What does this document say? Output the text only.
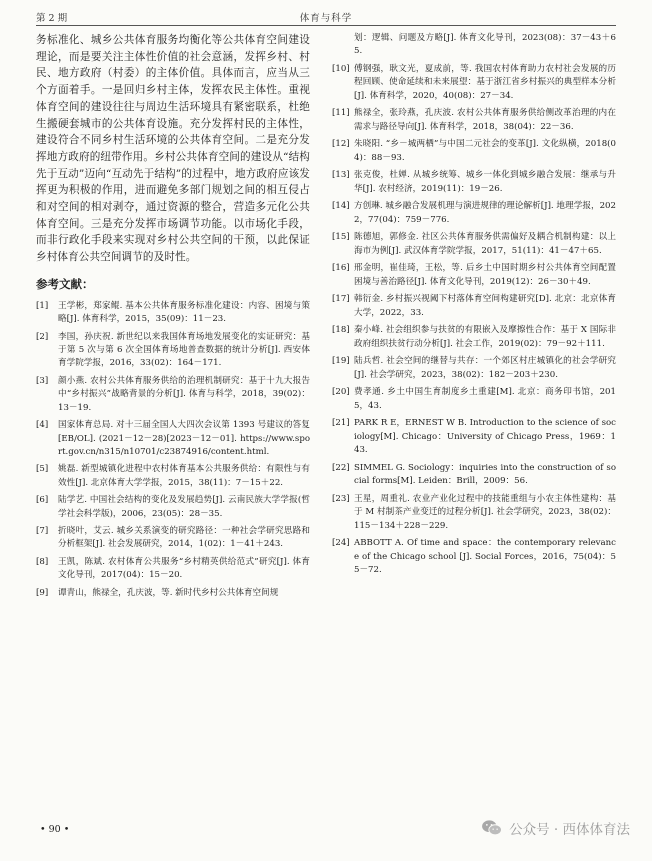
第 2 期	体育与科学

务标准化、城乡公共体育服务均衡化等公共体育空间建设理论，而是要关注主体性价值的社会意涵，发挥乡村、村民、地方政府（村委）的主体价值。具体而言，应当从三个方面着手。一是回归乡村主体，发挥农民主体性。重视体育空间的建设往往与周边生活环境具有紧密联系，杜绝生搬硬套城市的公共体育设施。充分发挥村民的主体性，建设符合不同乡村生活环境的公共体育空间。二是充分发挥地方政府的纽带作用。乡村公共体育空间的建设从“结构先于互动”迈向“互动先于结构”的过程中，地方政府应该发挥更为积极的作用，进而避免多部门规划之间的相互侵占和对空间的相对剥夺，通过资源的整合，营造多元化公共体育空间。三是充分发挥市场调节功能。以市场化手段，而非行政化手段来实现对乡村公共空间的干预，以此保证乡村体育公共空间调节的及时性。

参考文献：
[1] 王学彬，郑家鲲. 基本公共体育服务标准化建设：内容、困境与策略[J]. 体育科学，2015，35(09)：11－23.
[2] 李国，孙庆祝. 新世纪以来我国体育场地发展变化的实证研究：基于第 5 次与第 6 次全国体育场地普查数据的统计分析[J]. 西安体育学院学报，2016，33(02)：164－171.
[3] 颜小燕. 农村公共体育服务供给的治理机制研究：基于十九大报告中“乡村振兴”战略背景的分析[J]. 体育与科学，2018，39(02)：13－19.
[4] 国家体育总局. 对十三届全国人大四次会议第 1393 号建议的答复[EB/OL]. (2021－12－28)[2023－12－01]. https://www.sport.gov.cn/n315/n10701/c23874916/content.html.
[5] 姚磊. 新型城镇化进程中农村体育基本公共服务供给：有限性与有效性[J]. 北京体育大学学报，2015，38(11)：7－15＋22.
[6] 陆学艺. 中国社会结构的变化及发展趋势[J]. 云南民族大学学报(哲学社会科学版)，2006，23(05)：28－35.
[7] 折晓叶，艾云. 城乡关系演变的研究路径：一种社会学研究思路和分析框架[J]. 社会发展研究，2014，1(02)：1－41＋243.
[8] 王凯，陈斌. 农村体育公共服务“乡村精英供给范式”研究[J]. 体育文化导刊，2017(04)：15－20.
[9] 谭青山，熊禄全，孔庆波，等. 新时代乡村公共体育空间规
划：逻辑、问题及方略[J]. 体育文化导刊，2023(08)：37－43＋65.
[10] 傅钢强，耿文光，夏成前，等. 我国农村体育助力农村社会发展的历程回顾、使命延续和未来展望：基于浙江省乡村振兴的典型样本分析[J]. 体育科学，2020，40(08)：27－34.
[11] 熊禄全，张玲燕，孔庆波. 农村公共体育服务供给侧改革治理的内在需求与路径导向[J]. 体育科学，2018，38(04)：22－36.
[12] 朱晓阳. “乡－城两栖”与中国二元社会的变革[J]. 文化纵横，2018(04)：88－93.
[13] 张克俊，杜婵. 从城乡统筹、城乡一体化到城乡融合发展：继承与升华[J]. 农村经济，2019(11)：19－26.
[14] 方创琳. 城乡融合发展机理与演进规律的理论解析[J]. 地理学报，2022，77(04)：759－776.
[15] 陈德旭，郭修金. 社区公共体育服务供需偏好及耦合机制构建：以上海市为例[J]. 武汉体育学院学报，2017，51(11)：41－47＋65.
[16] 邢金明，崔佳琦，王松，等. 后乡土中国时期乡村公共体育空间配置困境与善治路径[J]. 体育文化导刊，2019(12)：26－30＋49.
[17] 韩衍金. 乡村振兴视阈下村落体育空间构建研究[D]. 北京：北京体育大学，2022，33.
[18] 秦小峰. 社会组织参与扶贫的有限嵌入及摩擦性合作：基于 X 国际非政府组织扶贫行动分析[J]. 社会工作，2019(02)：79－92＋111.
[19] 陆兵哲. 社会空间的继替与共存：一个郊区村庄城镇化的社会学研究[J]. 社会学研究，2023，38(02)：182－203＋230.
[20] 费孝通. 乡土中国生育制度乡土重建[M]. 北京：商务印书馆，2015，43.
[21] PARK R E，ERNEST W B. Introduction to the science of sociology[M]. Chicago：University of Chicago Press，1969：143.
[22] SIMMEL G. Sociology：inquiries into the construction of social forms[M]. Leiden：Brill，2009：56.
[23] 王星，周重礼. 农业产业化过程中的技能重组与小农主体性建构：基于 M 村制茶产业变迁的过程分析[J]. 社会学研究，2023，38(02)：115－134＋228－229.
[24] ABBOTT A. Of time and space：the contemporary relevance of the Chicago school [J]. Social Forces，2016，75(04)：55－72.
• 90 •	公众号 · 西体体育法
